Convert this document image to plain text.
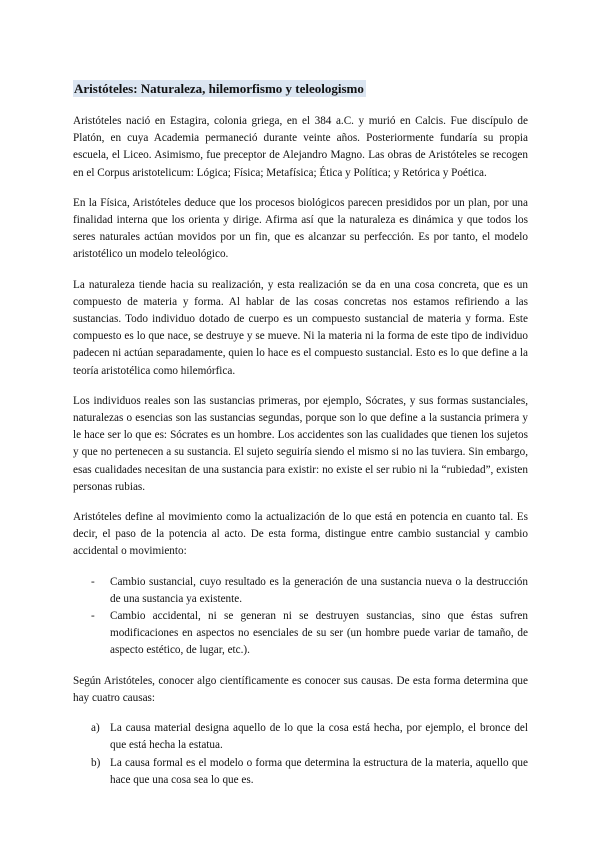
Aristóteles: Naturaleza, hilemorfismo y teleologismo

Aristóteles nació en Estagira, colonia griega, en el 384 a.C. y murió en Calcis. Fue discípulo de Platón, en cuya Academia permaneció durante veinte años. Posteriormente fundaría su propia escuela, el Liceo. Asimismo, fue preceptor de Alejandro Magno. Las obras de Aristóteles se recogen en el Corpus aristotelicum: Lógica; Física; Metafísica; Ética y Política; y Retórica y Poética.

En la Física, Aristóteles deduce que los procesos biológicos parecen presididos por un plan, por una finalidad interna que los orienta y dirige. Afirma así que la naturaleza es dinámica y que todos los seres naturales actúan movidos por un fin, que es alcanzar su perfección. Es por tanto, el modelo aristotélico un modelo teleológico.

La naturaleza tiende hacia su realización, y esta realización se da en una cosa concreta, que es un compuesto de materia y forma. Al hablar de las cosas concretas nos estamos refiriendo a las sustancias. Todo individuo dotado de cuerpo es un compuesto sustancial de materia y forma. Este compuesto es lo que nace, se destruye y se mueve. Ni la materia ni la forma de este tipo de individuo padecen ni actúan separadamente, quien lo hace es el compuesto sustancial. Esto es lo que define a la teoría aristotélica como hilemórfica.

Los individuos reales son las sustancias primeras, por ejemplo, Sócrates, y sus formas sustanciales, naturalezas o esencias son las sustancias segundas, porque son lo que define a la sustancia primera y le hace ser lo que es: Sócrates es un hombre. Los accidentes son las cualidades que tienen los sujetos y que no pertenecen a su sustancia. El sujeto seguiría siendo el mismo si no las tuviera. Sin embargo, esas cualidades necesitan de una sustancia para existir: no existe el ser rubio ni la “rubiedad”, existen personas rubias.

Aristóteles define al movimiento como la actualización de lo que está en potencia en cuanto tal. Es decir, el paso de la potencia al acto. De esta forma, distingue entre cambio sustancial y cambio accidental o movimiento:

- Cambio sustancial, cuyo resultado es la generación de una sustancia nueva o la destrucción de una sustancia ya existente.
- Cambio accidental, ni se generan ni se destruyen sustancias, sino que éstas sufren modificaciones en aspectos no esenciales de su ser (un hombre puede variar de tamaño, de aspecto estético, de lugar, etc.).

Según Aristóteles, conocer algo científicamente es conocer sus causas. De esta forma determina que hay cuatro causas:

a) La causa material designa aquello de lo que la cosa está hecha, por ejemplo, el bronce del que está hecha la estatua.
b) La causa formal es el modelo o forma que determina la estructura de la materia, aquello que hace que una cosa sea lo que es.
